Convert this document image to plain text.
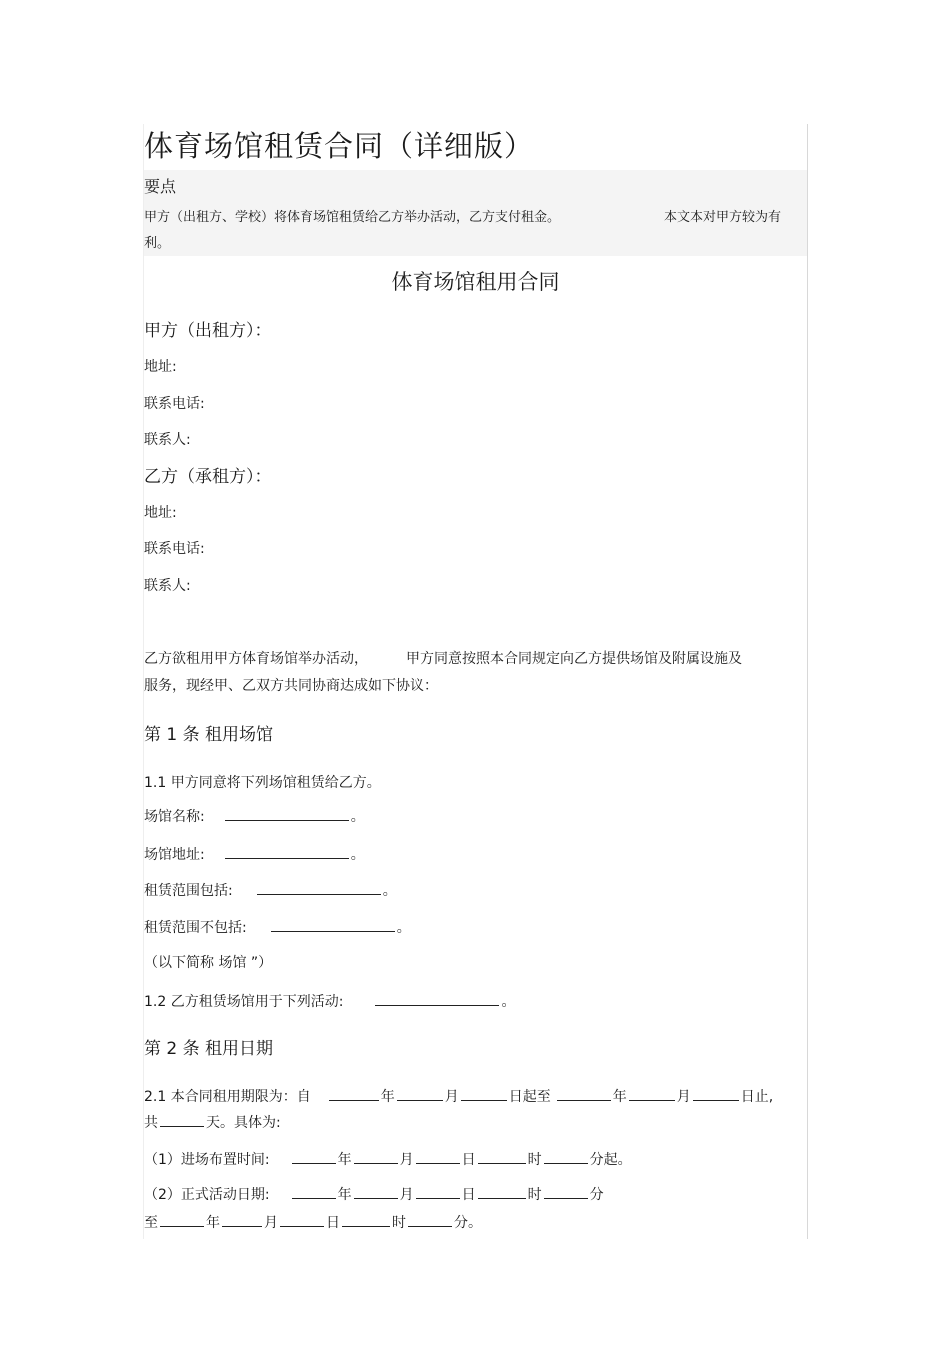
体育场馆租赁合同（详细版）
要点
甲方（出租方、学校）将体育场馆租赁给乙方举办活动，乙方支付租金。	本文本对甲方较为有
利。
体育场馆租用合同
甲方（出租方）：
地址:
联系电话:
联系人:
乙方（承租方）：
地址:
联系电话:
联系人:
乙方欲租用甲方体育场馆举办活动，	甲方同意按照本合同规定向乙方提供场馆及附属设施及
服务，现经甲、乙双方共同协商达成如下协议：
第 1 条 租用场馆
1.1 甲方同意将下列场馆租赁给乙方。
场馆名称:	。
场馆地址:	。
租赁范围包括:	。
租赁范围不包括:	。
（以下简称 场馆 ”）
1.2 乙方租赁场馆用于下列活动:	。
第 2 条 租用日期
2.1 本合同租用期限为：自	年	月	日起至	年	月	日止,
共	天。具体为:
（1）进场布置时间:	年	月	日	时	分起。
（2）正式活动日期:	年	月	日	时	分
至	年	月	日	时	分。
